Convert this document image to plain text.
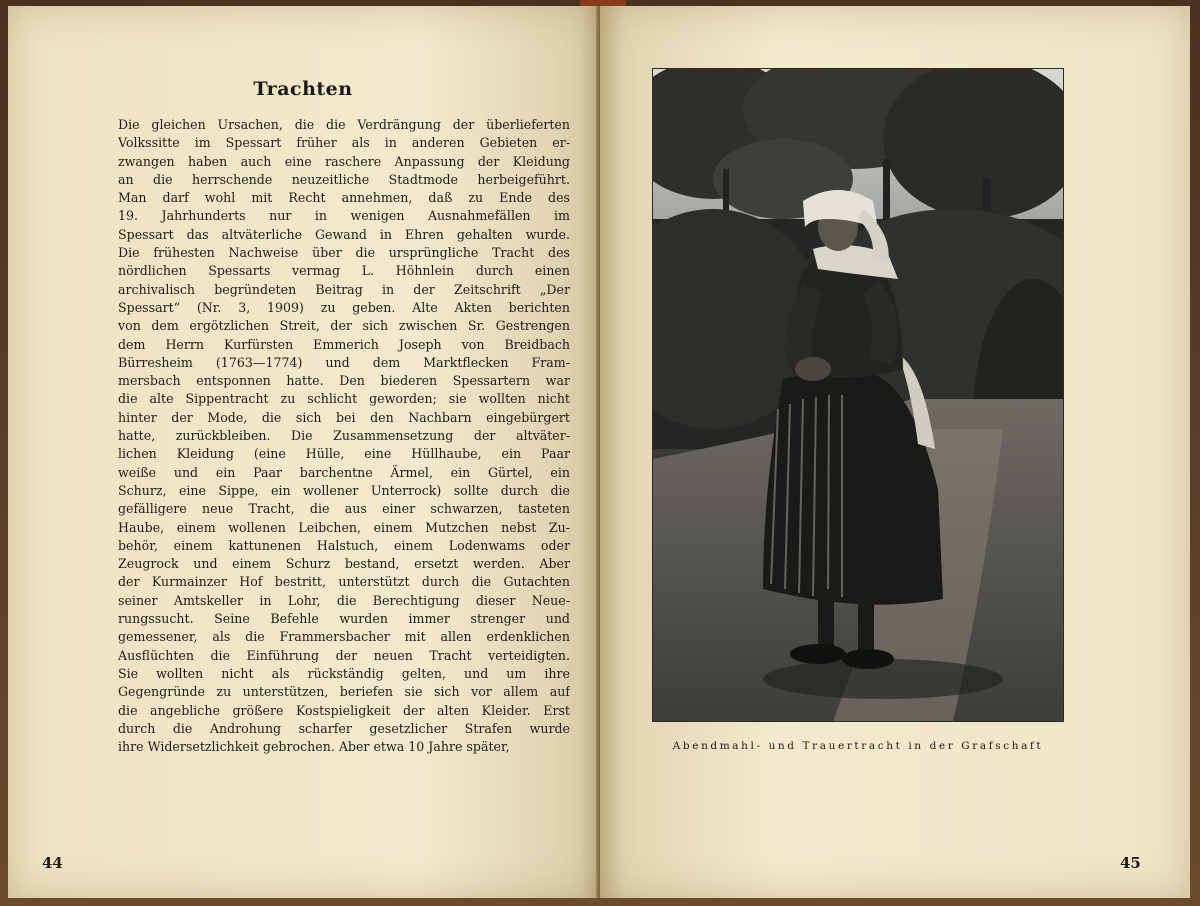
Trachten
Die gleichen Ursachen, die die Verdrängung der überlieferten
Volkssitte im Spessart früher als in anderen Gebieten er-
zwangen haben auch eine raschere Anpassung der Kleidung
an die herrschende neuzeitliche Stadtmode herbeigeführt.
Man darf wohl mit Recht annehmen, daß zu Ende des
19. Jahrhunderts nur in wenigen Ausnahmefällen im
Spessart das altväterliche Gewand in Ehren gehalten wurde.
Die frühesten Nachweise über die ursprüngliche Tracht des
nördlichen Spessarts vermag L. Höhnlein durch einen
archivalisch begründeten Beitrag in der Zeitschrift „Der
Spessart“ (Nr. 3, 1909) zu geben. Alte Akten berichten
von dem ergötzlichen Streit, der sich zwischen Sr. Gestrengen
dem Herrn Kurfürsten Emmerich Joseph von Breidbach
Bürresheim (1763—1774) und dem Marktflecken Fram-
mersbach entsponnen hatte. Den biederen Spessartern war
die alte Sippentracht zu schlicht geworden; sie wollten nicht
hinter der Mode, die sich bei den Nachbarn eingebürgert
hatte, zurückbleiben. Die Zusammensetzung der altväter-
lichen Kleidung (eine Hülle, eine Hüllhaube, ein Paar
weiße und ein Paar barchentne Ärmel, ein Gürtel, ein
Schurz, eine Sippe, ein wollener Unterrock) sollte durch die
gefälligere neue Tracht, die aus einer schwarzen, tasteten
Haube, einem wollenen Leibchen, einem Mutzchen nebst Zu-
behör, einem kattunenen Halstuch, einem Lodenwams oder
Zeugrock und einem Schurz bestand, ersetzt werden. Aber
der Kurmainzer Hof bestritt, unterstützt durch die Gutachten
seiner Amtskeller in Lohr, die Berechtigung dieser Neue-
rungssucht. Seine Befehle wurden immer strenger und
gemessener, als die Frammersbacher mit allen erdenklichen
Ausflüchten die Einführung der neuen Tracht verteidigten.
Sie wollten nicht als rückständig gelten, und um ihre
Gegengründe zu unterstützen, beriefen sie sich vor allem auf
die angebliche größere Kostspieligkeit der alten Kleider. Erst
durch die Androhung scharfer gesetzlicher Strafen wurde
ihre Widersetzlichkeit gebrochen. Aber etwa 10 Jahre später,
44
Abendmahl- und Trauertracht in der Grafschaft
45
